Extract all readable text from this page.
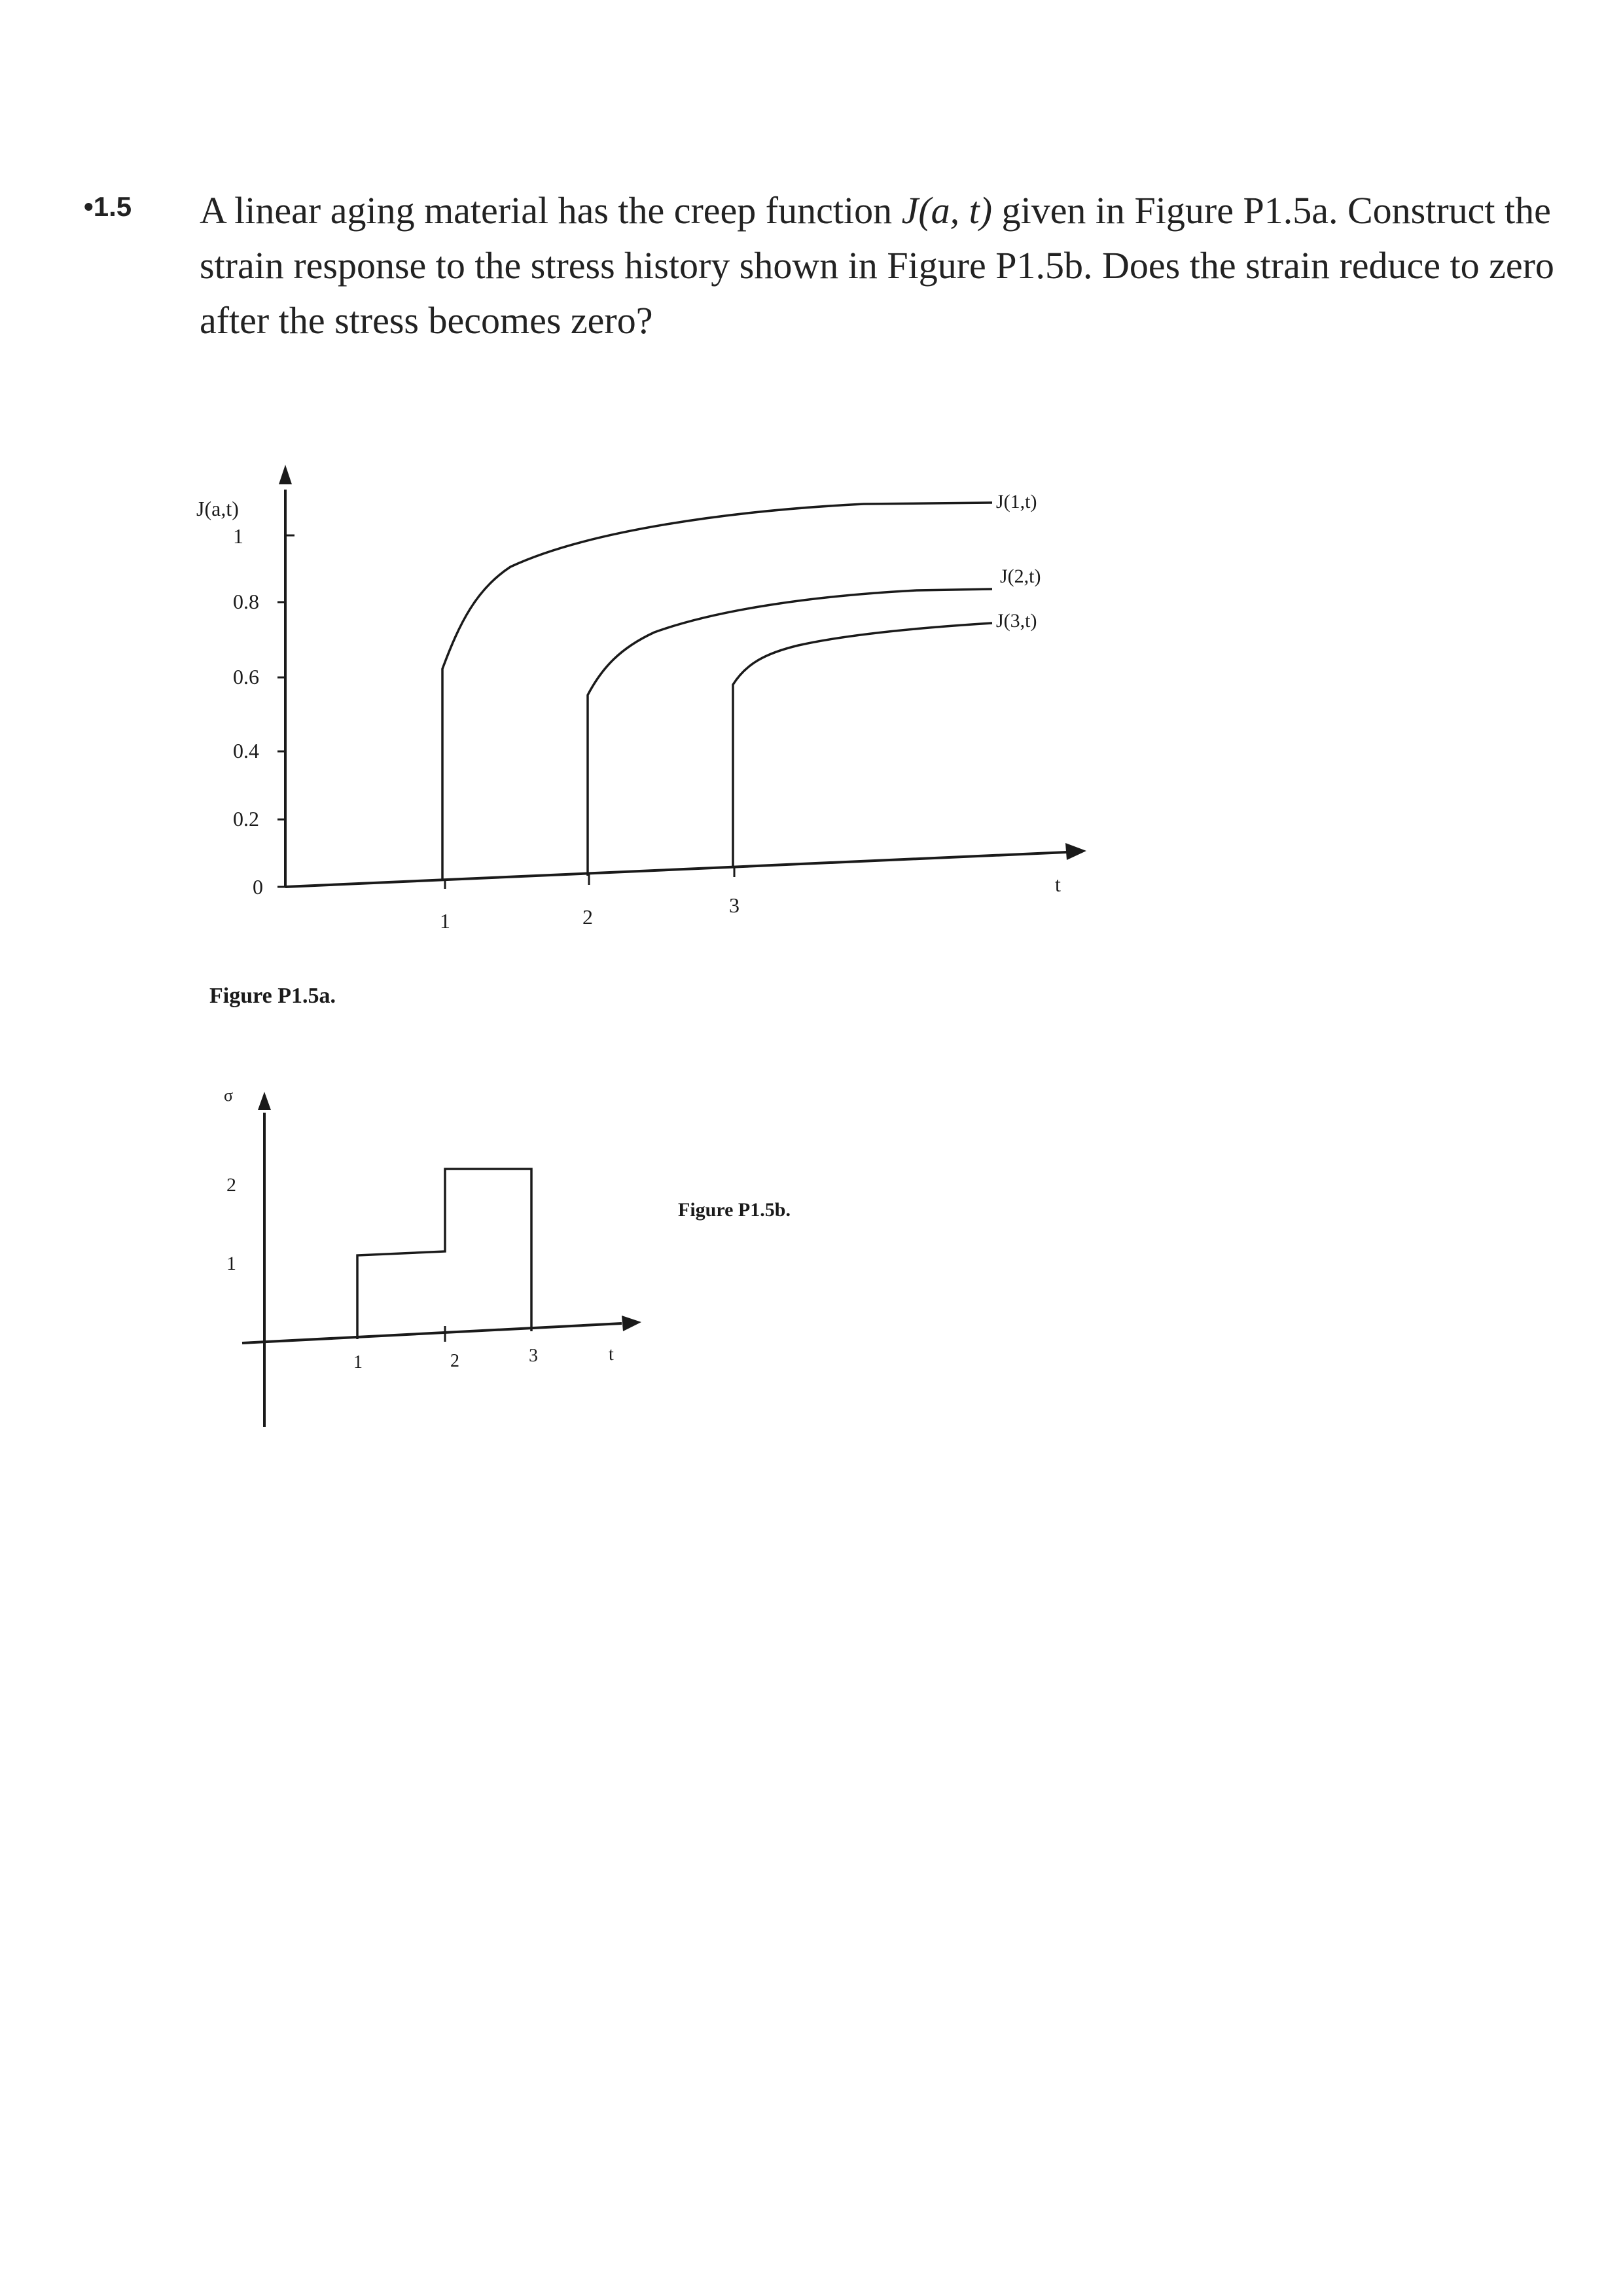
•1.5 A linear aging material has the creep function J(a, t) given in Figure P1.5a. Construct the strain response to the stress history shown in Figure P1.5b. Does the strain reduce to zero after the stress becomes zero?
J(a,t)
t
1
0.8
0.6
0.4
0.2
0
1	2	3
J(1,t)
J(2,t)
J(3,t)
Figure P1.5a.
σ
t
2
1
1	2	3
Figure P1.5b.
